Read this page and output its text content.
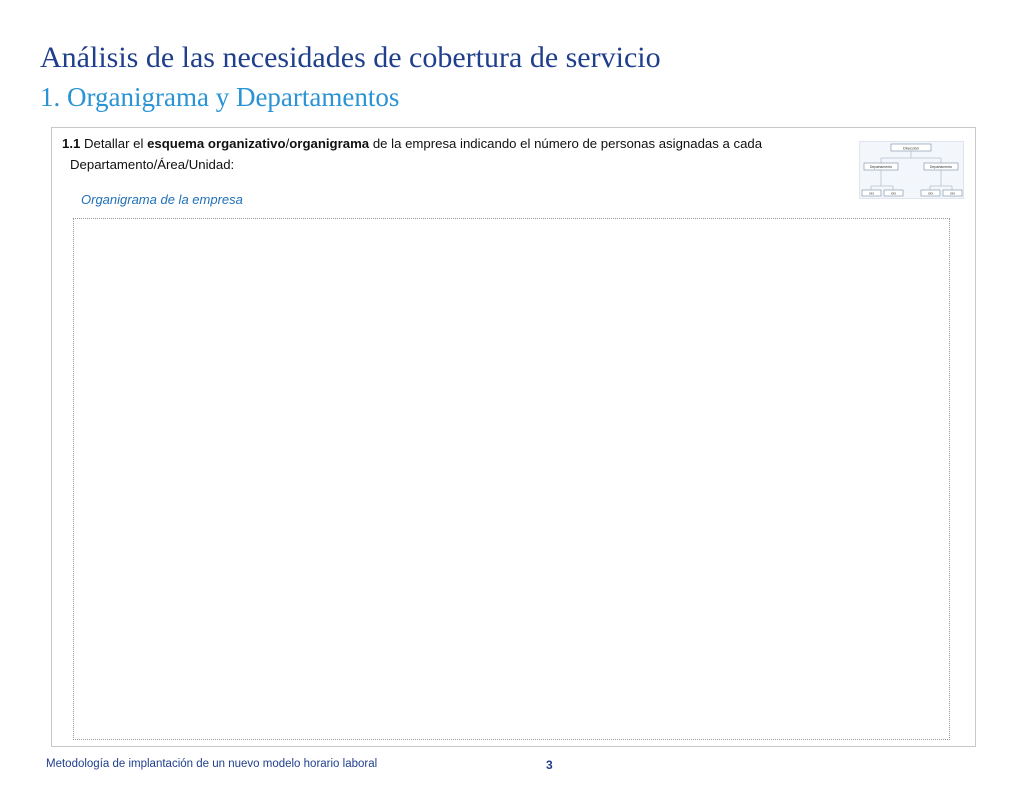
Análisis de las necesidades de cobertura de servicio
1. Organigrama y Departamentos

1.1 Detallar el esquema organizativo/organigrama de la empresa indicando el número de personas asignadas a cada
Departamento/Área/Unidad:

Organigrama de la empresa

Dirección
Departamento	Departamento
xxx	xxx	xxx	xxx

Metodología de implantación de un nuevo modelo horario laboral	3
